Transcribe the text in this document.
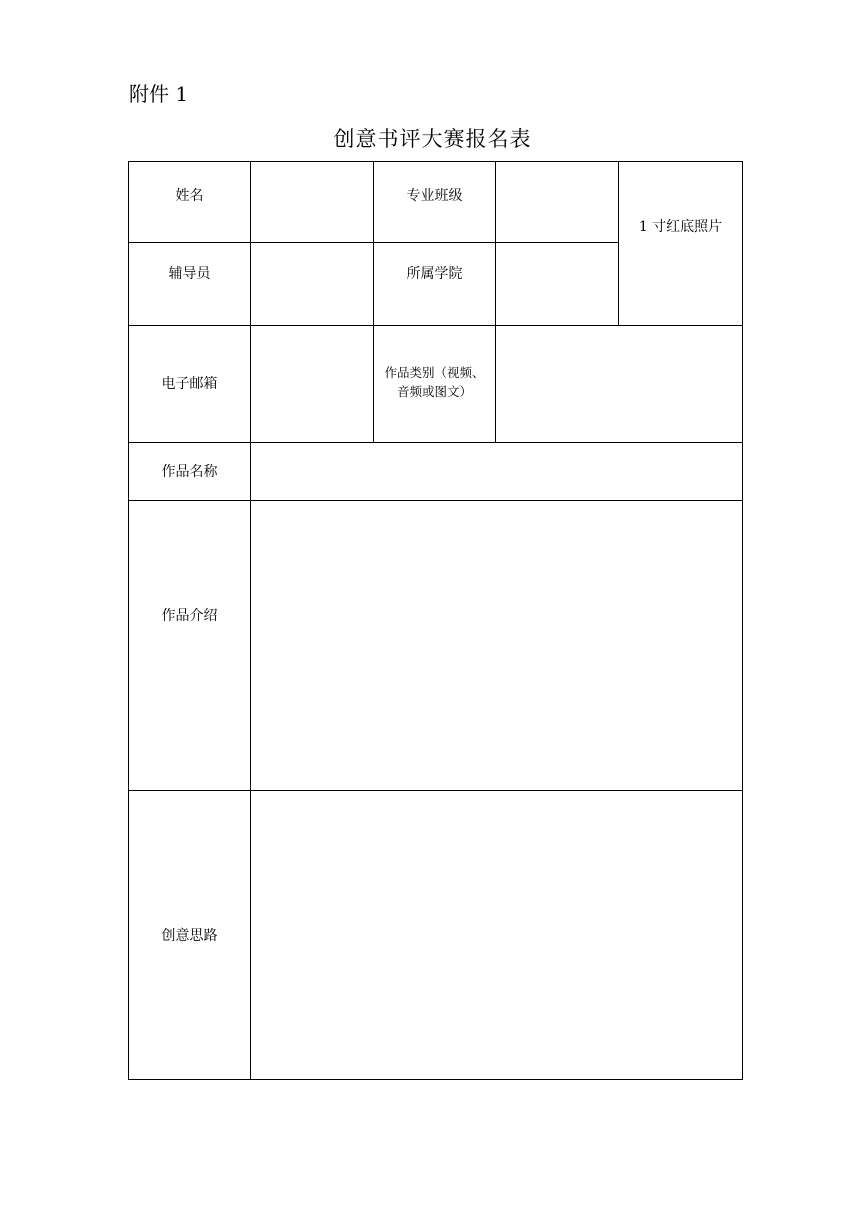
附件 1
创意书评大赛报名表
姓名		专业班级		1 寸红底照片
辅导员		所属学院		
电子邮箱		作品类别（视频、
音频或图文）		
作品名称				
作品介绍				
创意思路				
